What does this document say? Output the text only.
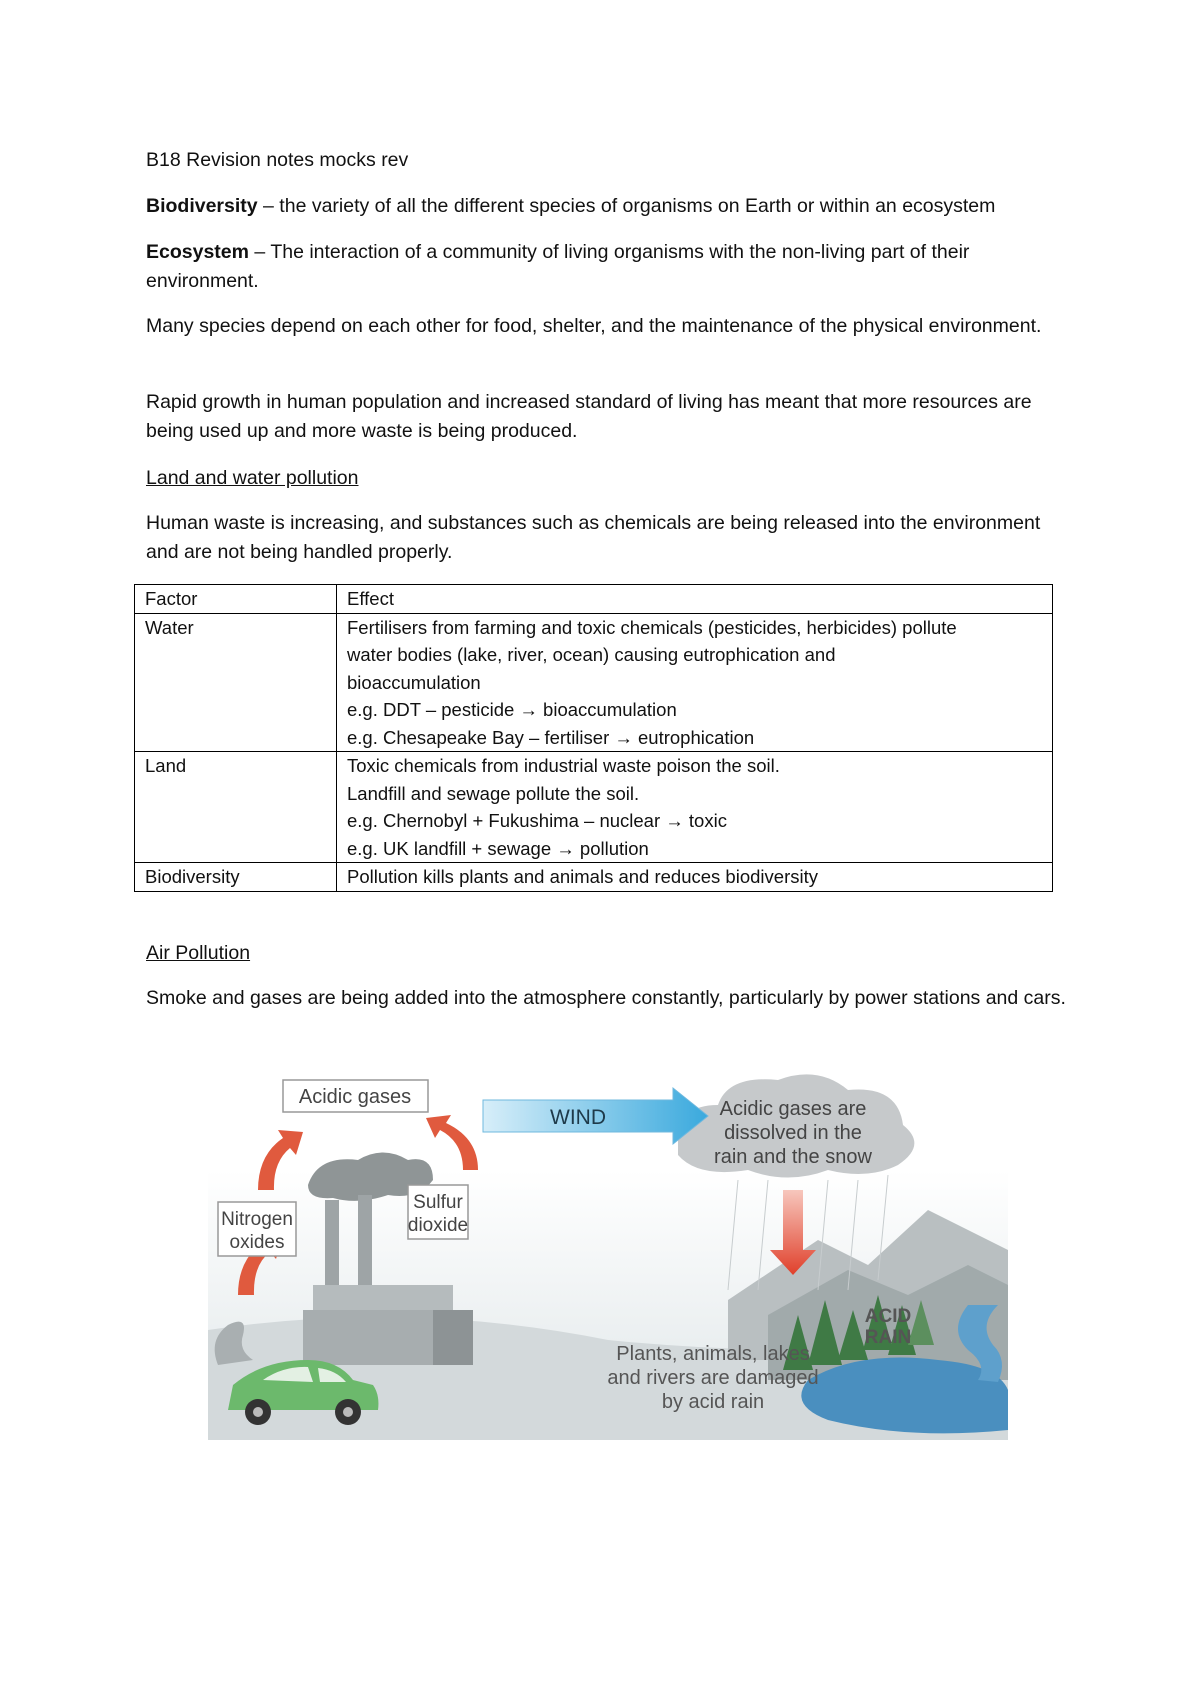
B18 Revision notes mocks rev

Biodiversity – the variety of all the different species of organisms on Earth or within an ecosystem

Ecosystem – The interaction of a community of living organisms with the non-living part of their environment.

Many species depend on each other for food, shelter, and the maintenance of the physical environment.

Rapid growth in human population and increased standard of living has meant that more resources are being used up and more waste is being produced.

Land and water pollution

Human waste is increasing, and substances such as chemicals are being released into the environment and are not being handled properly.

Factor	Effect
Water	Fertilisers from farming and toxic chemicals (pesticides, herbicides) pollute
water bodies (lake, river, ocean) causing eutrophication and
bioaccumulation
e.g. DDT – pesticide → bioaccumulation
e.g. Chesapeake Bay – fertiliser → eutrophication

Land	Toxic chemicals from industrial waste poison the soil.
Landfill and sewage pollute the soil.
e.g. Chernobyl + Fukushima – nuclear → toxic
e.g. UK landfill + sewage → pollution

Biodiversity	Pollution kills plants and animals and reduces biodiversity

Air Pollution

Smoke and gases are being added into the atmosphere constantly, particularly by power stations and cars.

Acidic gases are
dissolved in the
rain and the snow
ACID
RAIN
Plants, animals, lakes
and rivers are damaged
by acid rain
WIND
Acidic gases
Nitrogen
oxides
Sulfur
dioxide
